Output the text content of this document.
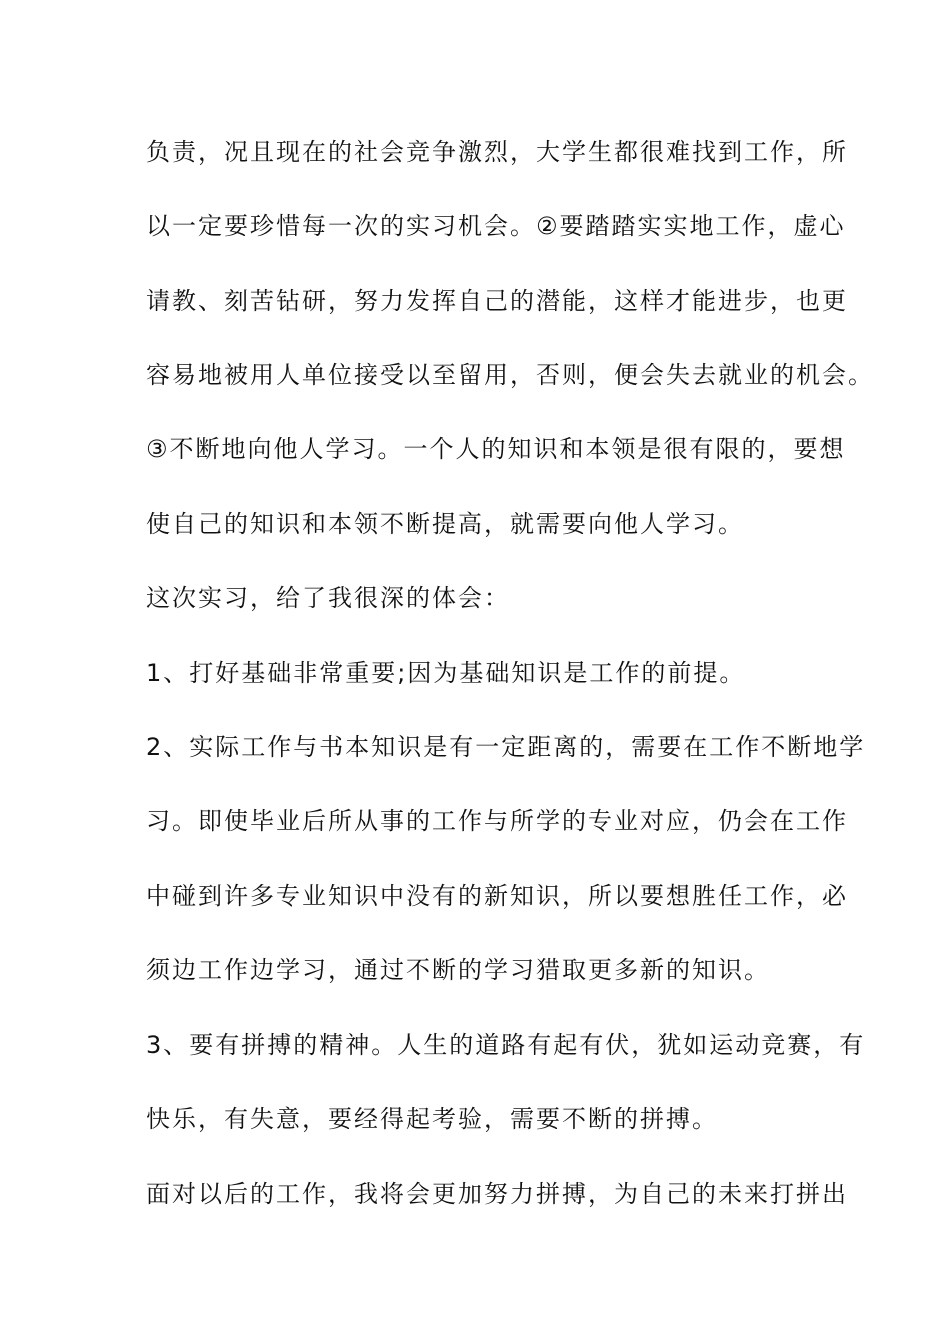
负责，况且现在的社会竞争激烈，大学生都很难找到工作，所

以一定要珍惜每一次的实习机会。②要踏踏实实地工作，虚心

请教、刻苦钻研，努力发挥自己的潜能，这样才能进步，也更

容易地被用人单位接受以至留用，否则，便会失去就业的机会。

③不断地向他人学习。一个人的知识和本领是很有限的，要想

使自己的知识和本领不断提高，就需要向他人学习。

这次实习，给了我很深的体会：

1、打好基础非常重要;因为基础知识是工作的前提。

2、实际工作与书本知识是有一定距离的，需要在工作不断地学

习。即使毕业后所从事的工作与所学的专业对应，仍会在工作

中碰到许多专业知识中没有的新知识，所以要想胜任工作，必

须边工作边学习，通过不断的学习猎取更多新的知识。

3、要有拼搏的精神。人生的道路有起有伏，犹如运动竞赛，有

快乐，有失意，要经得起考验，需要不断的拼搏。

面对以后的工作，我将会更加努力拼搏，为自己的未来打拼出
